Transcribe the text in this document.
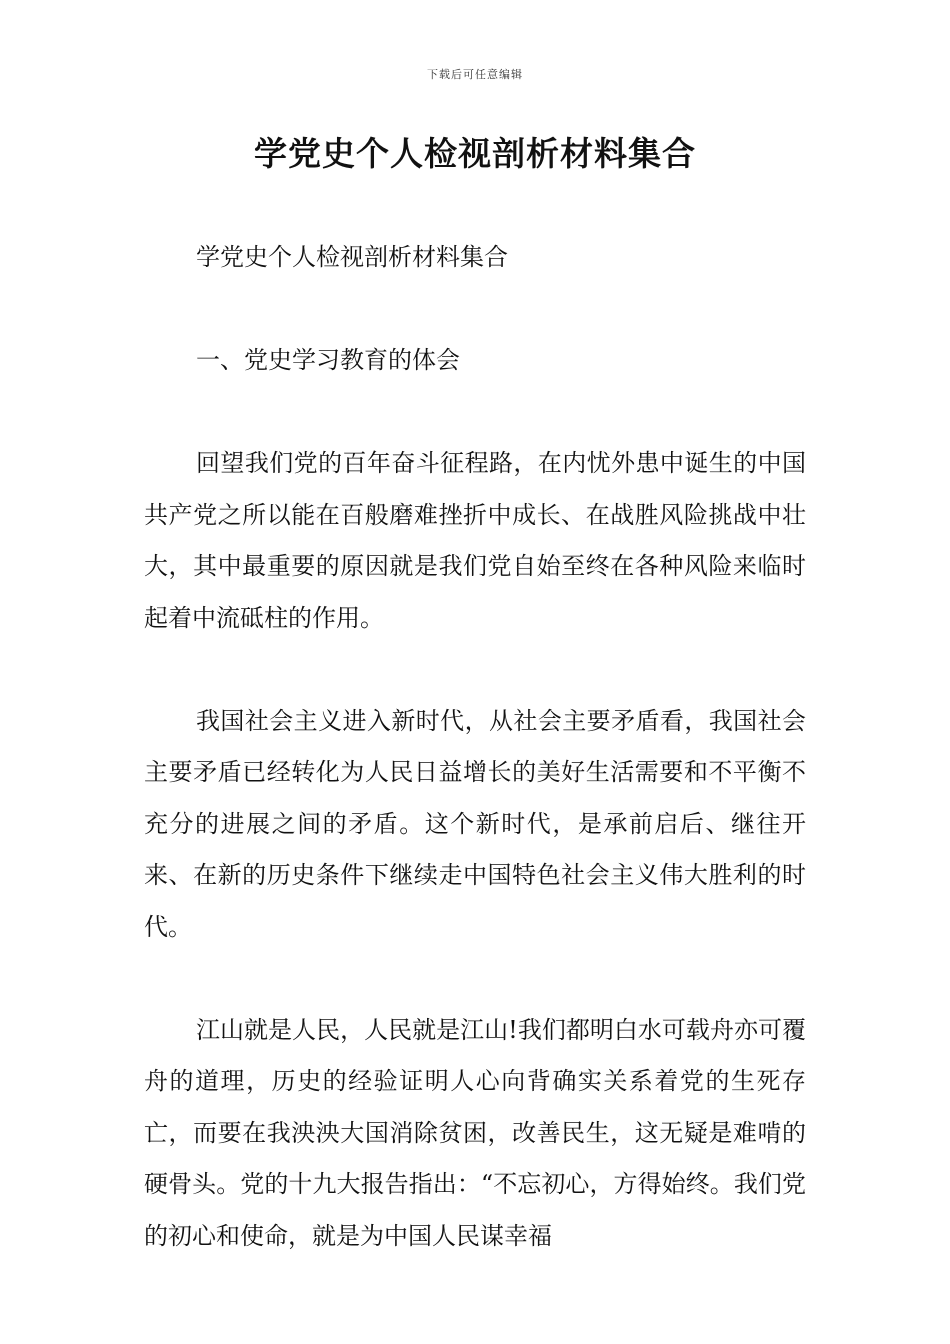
下载后可任意编辑
学党史个人检视剖析材料集合

学党史个人检视剖析材料集合

一、党史学习教育的体会

回望我们党的百年奋斗征程路，在内忧外患中诞生的中国共产党之所以能在百般磨难挫折中成长、在战胜风险挑战中壮大，其中最重要的原因就是我们党自始至终在各种风险来临时起着中流砥柱的作用。

我国社会主义进入新时代，从社会主要矛盾看，我国社会主要矛盾已经转化为人民日益增长的美好生活需要和不平衡不充分的进展之间的矛盾。这个新时代，是承前启后、继往开来、在新的历史条件下继续走中国特色社会主义伟大胜利的时代。

江山就是人民，人民就是江山!我们都明白水可载舟亦可覆舟的道理，历史的经验证明人心向背确实关系着党的生死存亡，而要在我泱泱大国消除贫困，改善民生，这无疑是难啃的硬骨头。党的十九大报告指出：“不忘初心，方得始终。我们党的初心和使命，就是为中国人民谋幸福
